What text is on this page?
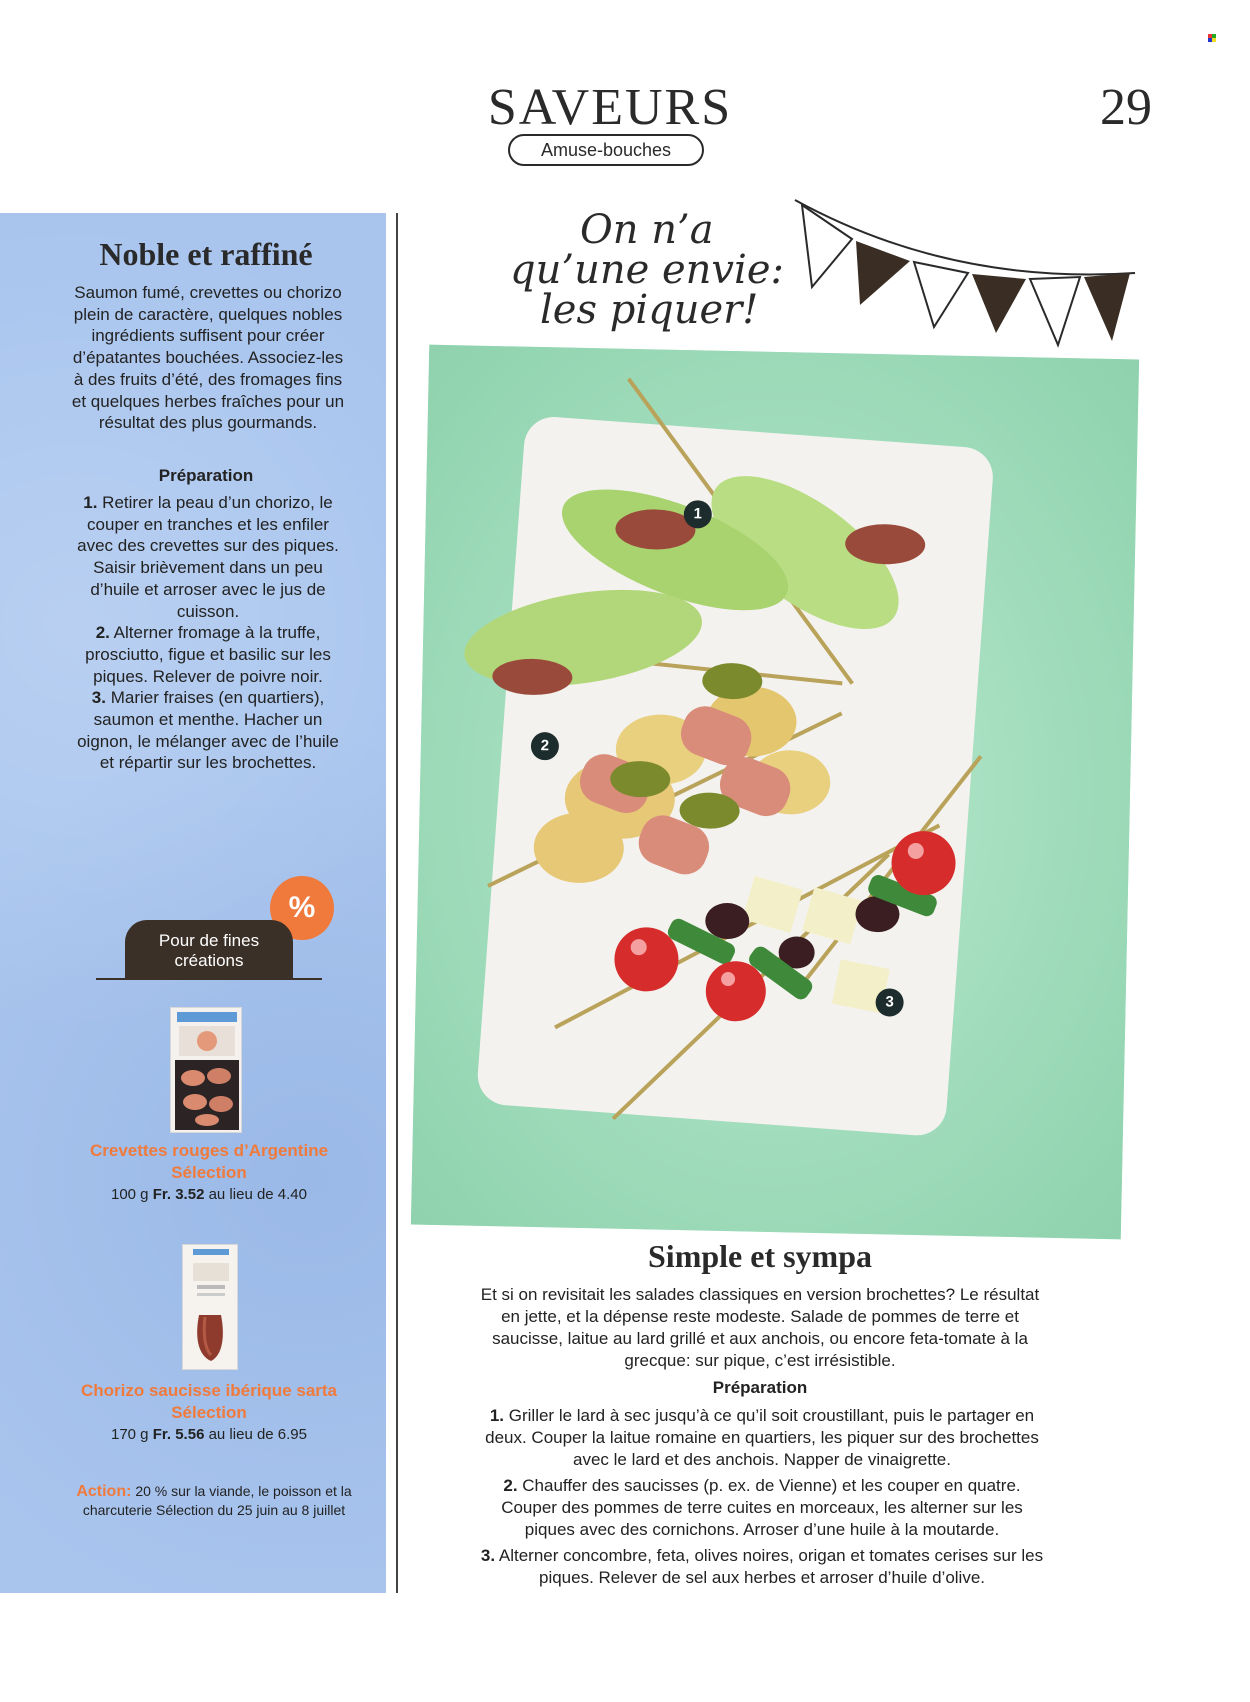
SAVEURS
Amuse-bouches
29
Noble et raffiné

Saumon fumé, crevettes ou chorizo plein de caractère, quelques nobles ingrédients suffisent pour créer d’épatantes bouchées. Associez-les à des fruits d’été, des fromages fins et quelques herbes fraîches pour un résultat des plus gourmands.

Préparation
1. Retirer la peau d’un chorizo, le couper en tranches et les enfiler avec des crevettes sur des piques. Saisir brièvement dans un peu d’huile et arroser avec le jus de cuisson.
2. Alterner fromage à la truffe, prosciutto, figue et basilic sur les piques. Relever de poivre noir.
3. Marier fraises (en quartiers), saumon et menthe. Hacher un oignon, le mélanger avec de l’huile et répartir sur les brochettes.
%
Pour de fines créations
Crevettes rouges d’Argentine Sélection
100 g Fr. 3.52 au lieu de 4.40
Chorizo saucisse ibérique sarta Sélection
170 g Fr. 5.56 au lieu de 6.95
Action: 20 % sur la viande, le poisson et la charcuterie Sélection du 25 juin au 8 juillet
On n’a
qu’une envie:
les piquer!
1
2
3
Simple et sympa

Et si on revisitait les salades classiques en version brochettes? Le résultat en jette, et la dépense reste modeste. Salade de pommes de terre et saucisse, laitue au lard grillé et aux anchois, ou encore feta-tomate à la grecque: sur pique, c’est irrésistible.

Préparation
1. Griller le lard à sec jusqu’à ce qu’il soit croustillant, puis le partager en deux. Couper la laitue romaine en quartiers, les piquer sur des brochettes avec le lard et des anchois. Napper de vinaigrette.
2. Chauffer des saucisses (p. ex. de Vienne) et les couper en quatre. Couper des pommes de terre cuites en morceaux, les alterner sur les piques avec des cornichons. Arroser d’une huile à la moutarde.
3. Alterner concombre, feta, olives noires, origan et tomates cerises sur les piques. Relever de sel aux herbes et arroser d’huile d’olive.
